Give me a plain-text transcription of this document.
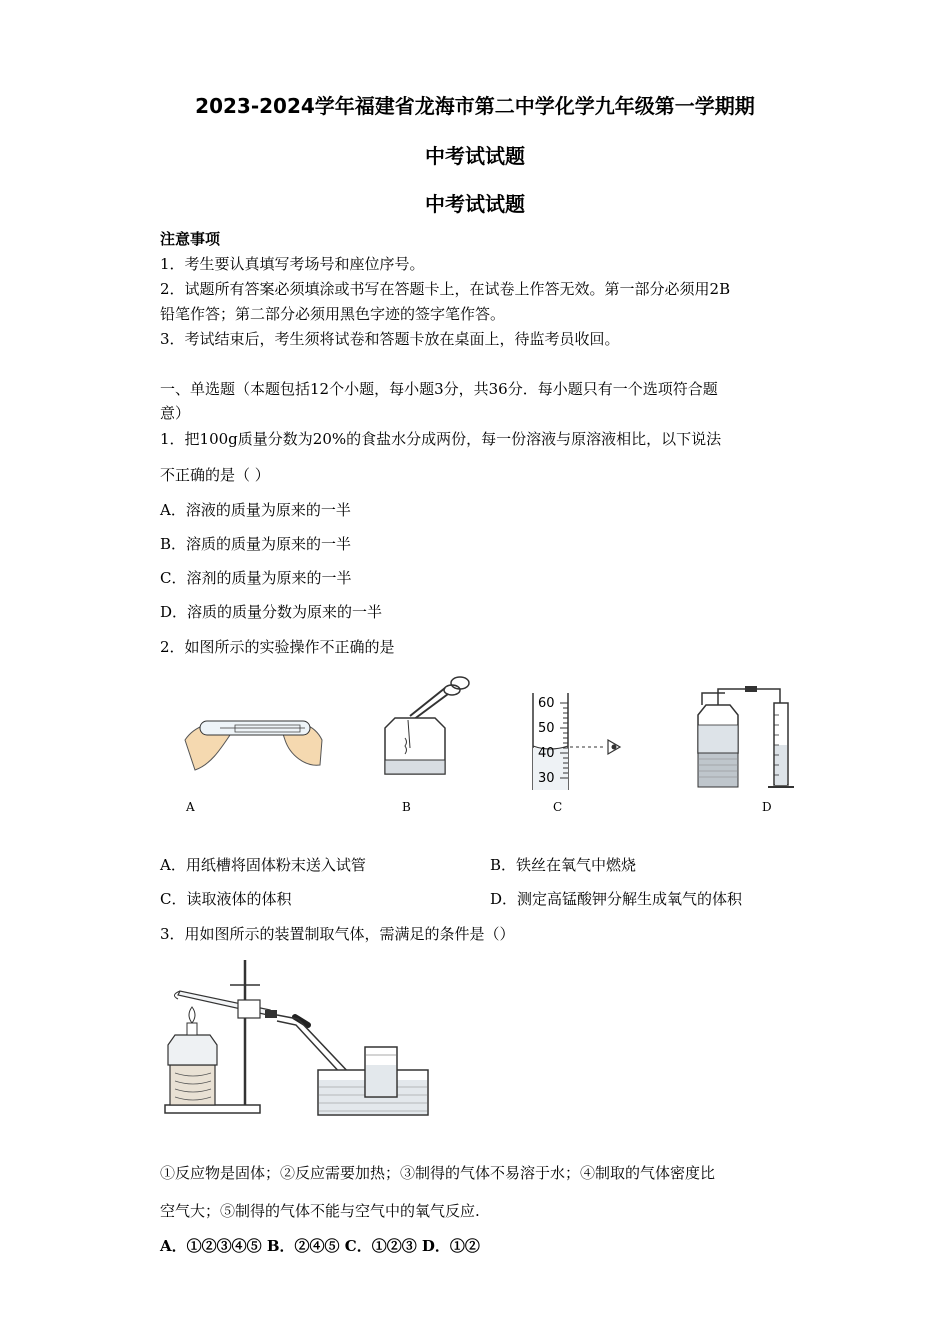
2023-2024学年福建省龙海市第二中学化学九年级第一学期期
中考试试题
中考试试题
注意事项
1．考生要认真填写考场号和座位序号。
2．试题所有答案必须填涂或书写在答题卡上，在试卷上作答无效。第一部分必须用2B
铅笔作答；第二部分必须用黑色字迹的签字笔作答。
3．考试结束后，考生须将试卷和答题卡放在桌面上，待监考员收回。
一、单选题（本题包括12个小题，每小题3分，共36分．每小题只有一个选项符合题
意）
1．把100g质量分数为20%的食盐水分成两份，每一份溶液与原溶液相比，以下说法
不正确的是（ ）
A．溶液的质量为原来的一半
B．溶质的质量为原来的一半
C．溶剂的质量为原来的一半
D．溶质的质量分数为原来的一半
2．如图所示的实验操作不正确的是
A	B
60
50
40
30
C	D
A．用纸槽将固体粉末送入试管	B．铁丝在氧气中燃烧
C．读取液体的体积	D．测定高锰酸钾分解生成氧气的体积
3．用如图所示的装置制取气体，需满足的条件是（）
①反应物是固体；②反应需要加热；③制得的气体不易溶于水；④制取的气体密度比
空气大；⑤制得的气体不能与空气中的氧气反应.
A．①②③④⑤ B．②④⑤ C．①②③ D．①②
